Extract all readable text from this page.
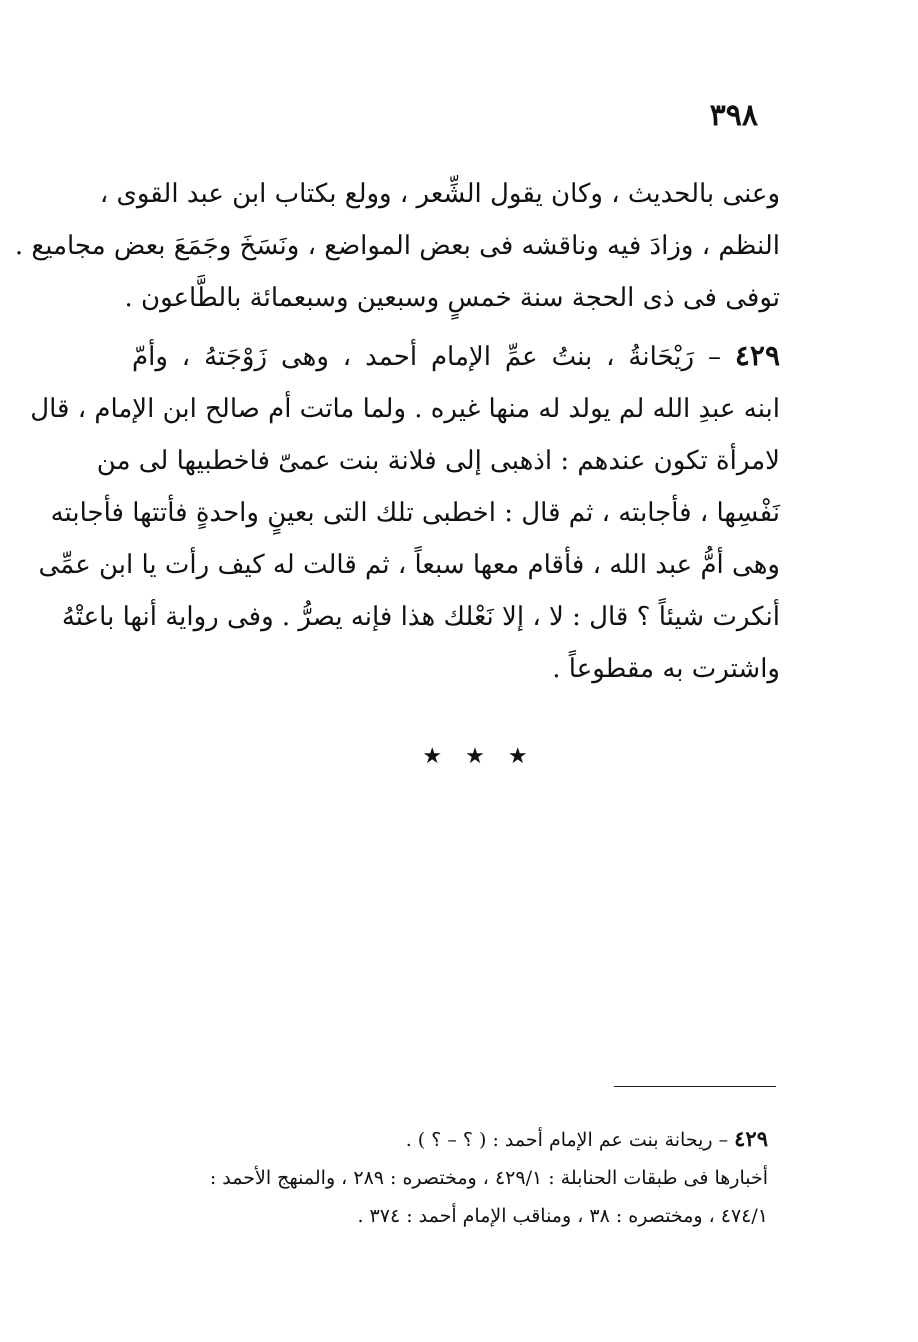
٣٩٨

وعنى بالحديث ، وكان يقول الشِّعر ، وولع بكتاب ابن عبد القوى ،
النظم ، وزادَ فيه وناقشه فى بعض المواضع ، ونَسَخَ وجَمَعَ بعض مجاميع .
توفى فى ذى الحجة سنة خمسٍ وسبعين وسبعمائة بالطَّاعون .

٤٢٩ – رَيْحَانةُ ، بنتُ عمِّ الإمام أحمد ، وهى زَوْجَتهُ ، وأمّ
ابنه عبدِ الله لم يولد له منها غيره . ولما ماتت أم صالح ابن الإمام ، قال
لامرأة تكون عندهم : اذهبى إلى فلانة بنت عمىّ فاخطبيها لى من
نَفْسِها ، فأجابته ، ثم قال : اخطبى تلك التى بعينٍ واحدةٍ فأتتها فأجابته
وهى أمُّ عبد الله ، فأقام معها سبعاً ، ثم قالت له كيف رأت يا ابن عمِّى
أنكرت شيئاً ؟ قال : لا ، إلا نَعْلك هذا فإنه يصرُّ . وفى رواية أنها باعتْهُ
واشترت به مقطوعاً .

★ ★ ★
٤٢٩ – ريحانة بنت عم الإمام أحمد : ( ؟ – ؟ ) .
أخبارها فى طبقات الحنابلة : ٤٢٩/١ ، ومختصره : ٢٨٩ ، والمنهج الأحمد :
٤٧٤/١ ، ومختصره : ٣٨ ، ومناقب الإمام أحمد : ٣٧٤ .
